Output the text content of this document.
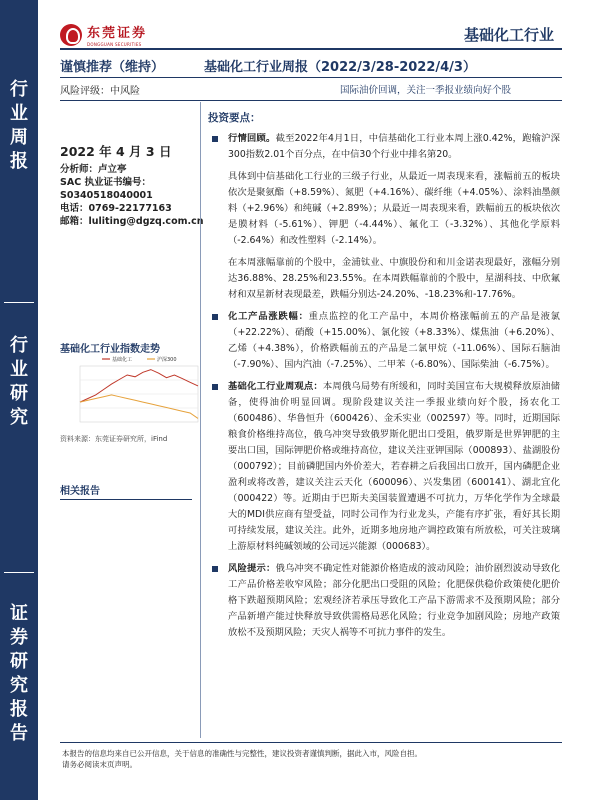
行
业
周
报
行
业
研
究
证
券
研
究
报
告
东莞证券
DONGGUAN SECURITIES
基础化工行业
谨慎推荐（维持）	基础化工行业周报（2022/3/28-2022/4/3）
风险评级：中风险	国际油价回调，关注一季报业绩向好个股
2022 年 4 月 3 日
分析师：卢立亭
SAC 执业证书编号：
S0340518040001
电话：0769-22177163
邮箱：luliting@dgzq.com.cn
基础化工行业指数走势
基础化工	沪深300
资料来源：东莞证券研究所，iFind
相关报告
投资要点：
行情回顾。截至2022年4月1日，中信基础化工行业本周上涨0.42%，跑输沪深300指数2.01个百分点，在中信30个行业中排名第20。
具体到中信基础化工行业的三级子行业，从最近一周表现来看，涨幅前五的板块依次是聚氨酯（+8.59%）、氮肥（+4.16%）、碳纤维（+4.05%）、涂料油墨颜料（+2.96%）和纯碱（+2.89%）；从最近一周表现来看，跌幅前五的板块依次是膜材料（-5.61%）、钾肥（-4.44%）、氟化工（-3.32%）、其他化学原料（-2.64%）和改性塑料（-2.14%）。
在本周涨幅靠前的个股中，金浦钛业、中旗股份和和川金诺表现最好，涨幅分别达36.88%、28.25%和23.55%。在本周跌幅靠前的个股中，星湖科技、中欣氟材和双星新材表现最差，跌幅分别达-24.20%、-18.23%和-17.76%。
化工产品涨跌幅：重点监控的化工产品中，本周价格涨幅前五的产品是液氯（+22.22%）、硝酸（+15.00%）、氯化铵（+8.33%）、煤焦油（+6.20%）、乙烯（+4.38%），价格跌幅前五的产品是二氯甲烷（-11.06%）、国际石脑油（-7.90%）、国内汽油（-7.25%）、二甲苯（-6.80%）、国际柴油（-6.75%）。
基础化工行业周观点：本周俄乌局势有所缓和，同时美国宣布大规模释放原油储备，使得油价明显回调。现阶段建议关注一季报业绩向好个股，扬农化工（600486）、华鲁恒升（600426）、金禾实业（002597）等。同时，近期国际粮食价格维持高位，俄乌冲突导致俄罗斯化肥出口受阻，俄罗斯是世界钾肥的主要出口国，国际钾肥价格或维持高位，建议关注亚钾国际（000893）、盐湖股份（000792）；目前磷肥国内外价差大，若春耕之后我国出口放开，国内磷肥企业盈利或将改善，建议关注云天化（600096）、兴发集团（600141）、湖北宜化（000422）等。近期由于巴斯夫美国装置遭遇不可抗力，万华化学作为全球最大的MDI供应商有望受益，同时公司作为行业龙头，产能有序扩张，看好其长期可持续发展，建议关注。此外，近期多地房地产调控政策有所放松，可关注玻璃上游原材料纯碱领域的公司远兴能源（000683）。
风险提示：俄乌冲突不确定性对能源价格造成的波动风险；油价剧烈波动导致化工产品价格差收窄风险；部分化肥出口受阻的风险；化肥保供稳价政策使化肥价格下跌超预期风险；宏观经济若承压导致化工产品下游需求不及预期风险；部分产品新增产能过快释放导致供需格局恶化风险；行业竞争加剧风险；房地产政策放松不及预期风险；天灾人祸等不可抗力事件的发生。
本报告的信息均来自已公开信息，关于信息的准确性与完整性，建议投资者谨慎判断，据此入市，风险自担。
请务必阅读末页声明。
